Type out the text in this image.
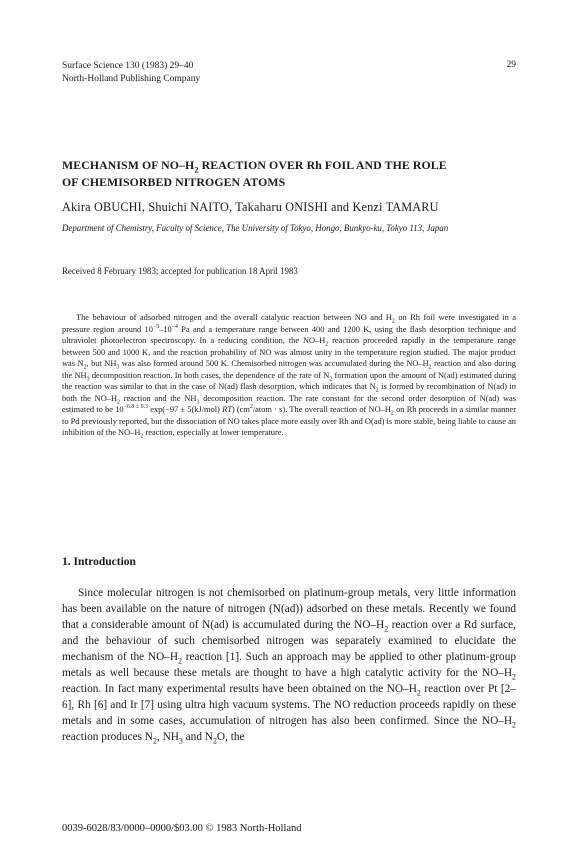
Surface Science 130 (1983) 29–40
North-Holland Publishing Company
29
MECHANISM OF $NO-H_2$ REACTION OVER Rh FOIL AND THE ROLE
OF CHEMISORBED NITROGEN ATOMS
Akira OBUCHI, Shuichi NAITO, Takaharu ONISHI and Kenzi TAMARU
Department of Chemistry, Faculty of Science, The University of Tokyo, Hongo, Bunkyo-ku, Tokyo 113, Japan
Received 8 February 1983; accepted for publication 18 April 1983

The behaviour of adsorbed nitrogen and the overall catalytic reaction between NO and $H_2$ on Rh foil were investigated in a pressure region around $10^{-5}-10^{-4}$ Pa and a temperature range between 400 and 1200 K, using the flash desorption technique and ultraviolet photoelectron spectroscopy. In a reducing condition, the $NO-H_2$ reaction proceeded rapidly in the temperature range between 500 and 1000 K, and the reaction probability of NO was almost unity in the temperature region studied. The major product was $N_2$, but $NH_3$ was also formed around 500 K. Chemisorbed nitrogen was accumulated during the $NO-H_2$ reaction and also during the $NH_3$ decomposition reaction. In both cases, the dependence of the rate of $N_2$ formation upon the amount of N(ad) estimated during the reaction was similar to that in the case of N(ad) flash desorption, which indicates that $N_2$ is formed by recombination of N(ad) in both the $NO-H_2$ reaction and the $NH_3$ decomposition reaction. The rate constant for the second order desorption of N(ad) was estimated to be $10^{-6.8 \pm 0.3}$ exp(−97 ± 5(kJ/mol) RT) ($cm^2$/atom · s). The overall reaction of $NO-H_2$ on Rh proceeds in a similar manner to Pd previously reported, but the dissociation of NO takes place more easily over Rh and O(ad) is more stable, being liable to cause an inhibition of the $NO-H_2$ reaction, especially at lower temperature.

1. Introduction

Since molecular nitrogen is not chemisorbed on platinum-group metals, very little information has been available on the nature of nitrogen (N(ad)) adsorbed on these metals. Recently we found that a considerable amount of N(ad) is accumulated during the $NO-H_2$ reaction over a Rd surface, and the behaviour of such chemisorbed nitrogen was separately examined to elucidate the mechanism of the $NO-H_2$ reaction [1]. Such an approach may be applied to other platinum-group metals as well because these metals are thought to have a high catalytic activity for the $NO-H_2$ reaction. In fact many experimental results have been obtained on the $NO-H_2$ reaction over Pt [2–6], Rh [6] and Ir [7] using ultra high vacuum systems. The NO reduction proceeds rapidly on these metals and in some cases, accumulation of nitrogen has also been confirmed. Since the $NO-H_2$ reaction produces $N_2$, $NH_3$ and $N_2O$, the

0039-6028/83/0000–0000/$03.00 © 1983 North-Holland
